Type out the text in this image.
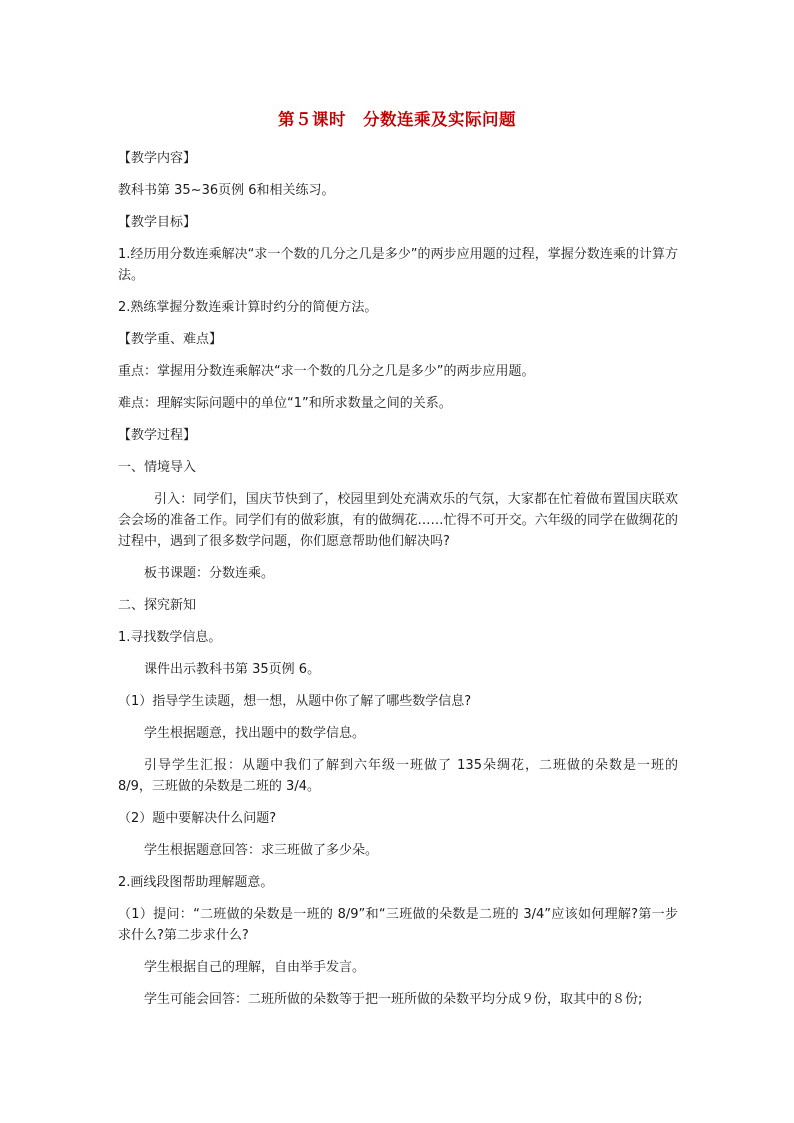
第５课时　分数连乘及实际问题

【教学内容】

教科书第 35~36页例 6和相关练习。

【教学目标】

1.经历用分数连乘解决“求一个数的几分之几是多少”的两步应用题的过程，掌握分数连乘的计算方法。

2.熟练掌握分数连乘计算时约分的简便方法。

【教学重、难点】

重点：掌握用分数连乘解决“求一个数的几分之几是多少”的两步应用题。

难点：理解实际问题中的单位“1”和所求数量之间的关系。

【教学过程】

一、情境导入

引入：同学们，国庆节快到了，校园里到处充满欢乐的气氛，大家都在忙着做布置国庆联欢会会场的准备工作。同学们有的做彩旗，有的做绸花……忙得不可开交。六年级的同学在做绸花的过程中，遇到了很多数学问题，你们愿意帮助他们解决吗?

板书课题：分数连乘。

二、探究新知

1.寻找数学信息。

课件出示教科书第 35页例 6。

（1）指导学生读题，想一想，从题中你了解了哪些数学信息?

学生根据题意，找出题中的数学信息。

引导学生汇报：从题中我们了解到六年级一班做了 135朵绸花，二班做的朵数是一班的 8/9，三班做的朵数是二班的 3/4。

（2）题中要解决什么问题?

学生根据题意回答：求三班做了多少朵。

2.画线段图帮助理解题意。

（1）提问：“二班做的朵数是一班的 8/9”和“三班做的朵数是二班的 3/4”应该如何理解?第一步求什么?第二步求什么?

学生根据自己的理解，自由举手发言。

学生可能会回答：二班所做的朵数等于把一班所做的朵数平均分成９份，取其中的８份;
